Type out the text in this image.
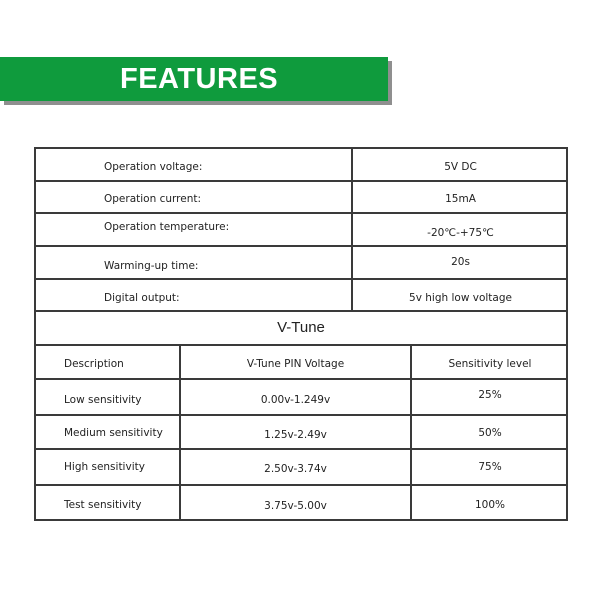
FEATURES
Operation voltage:	5V DC
Operation current:	15mA
Operation temperature:	-20℃-+75℃
Warming-up time:	20s
Digital output:	5v high low voltage
V-Tune
Description	V-Tune PIN Voltage	Sensitivity level
Low sensitivity	0.00v-1.249v	25%
Medium sensitivity	1.25v-2.49v	50%
High sensitivity	2.50v-3.74v	75%
Test sensitivity	3.75v-5.00v	100%
